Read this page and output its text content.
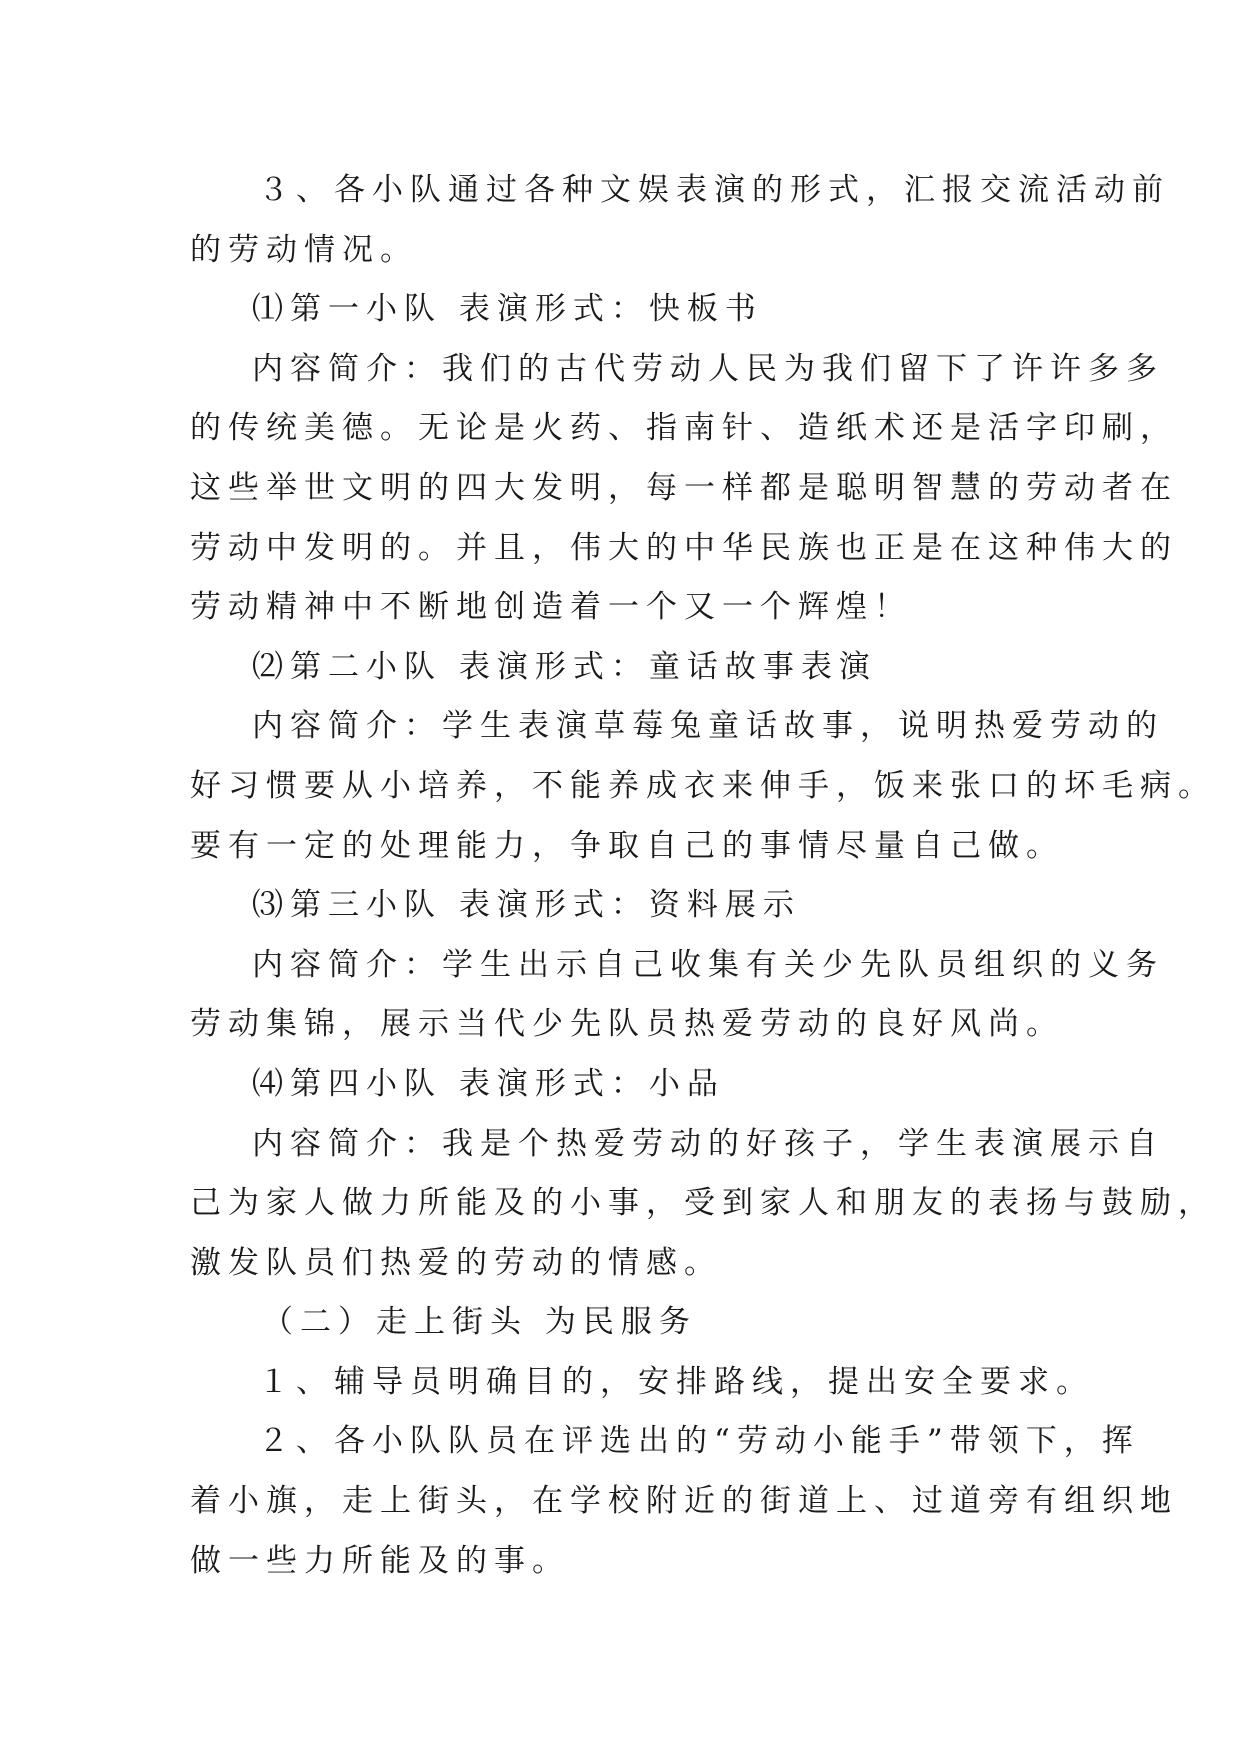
３、各小队通过各种文娱表演的形式，汇报交流活动前
的劳动情况。
⑴第一小队 表演形式：快板书
内容简介：我们的古代劳动人民为我们留下了许许多多
的传统美德。无论是火药、指南针、造纸术还是活字印刷，
这些举世文明的四大发明，每一样都是聪明智慧的劳动者在
劳动中发明的。并且，伟大的中华民族也正是在这种伟大的
劳动精神中不断地创造着一个又一个辉煌！
⑵第二小队 表演形式：童话故事表演
内容简介：学生表演草莓兔童话故事，说明热爱劳动的
好习惯要从小培养，不能养成衣来伸手，饭来张口的坏毛病。
要有一定的处理能力，争取自己的事情尽量自己做。
⑶第三小队 表演形式：资料展示
内容简介：学生出示自己收集有关少先队员组织的义务
劳动集锦，展示当代少先队员热爱劳动的良好风尚。
⑷第四小队 表演形式：小品
内容简介：我是个热爱劳动的好孩子，学生表演展示自
己为家人做力所能及的小事，受到家人和朋友的表扬与鼓励，
激发队员们热爱的劳动的情感。
（二）走上街头 为民服务
１、辅导员明确目的，安排路线，提出安全要求。
２、各小队队员在评选出的“劳动小能手”带领下，挥
着小旗，走上街头，在学校附近的街道上、过道旁有组织地
做一些力所能及的事。
